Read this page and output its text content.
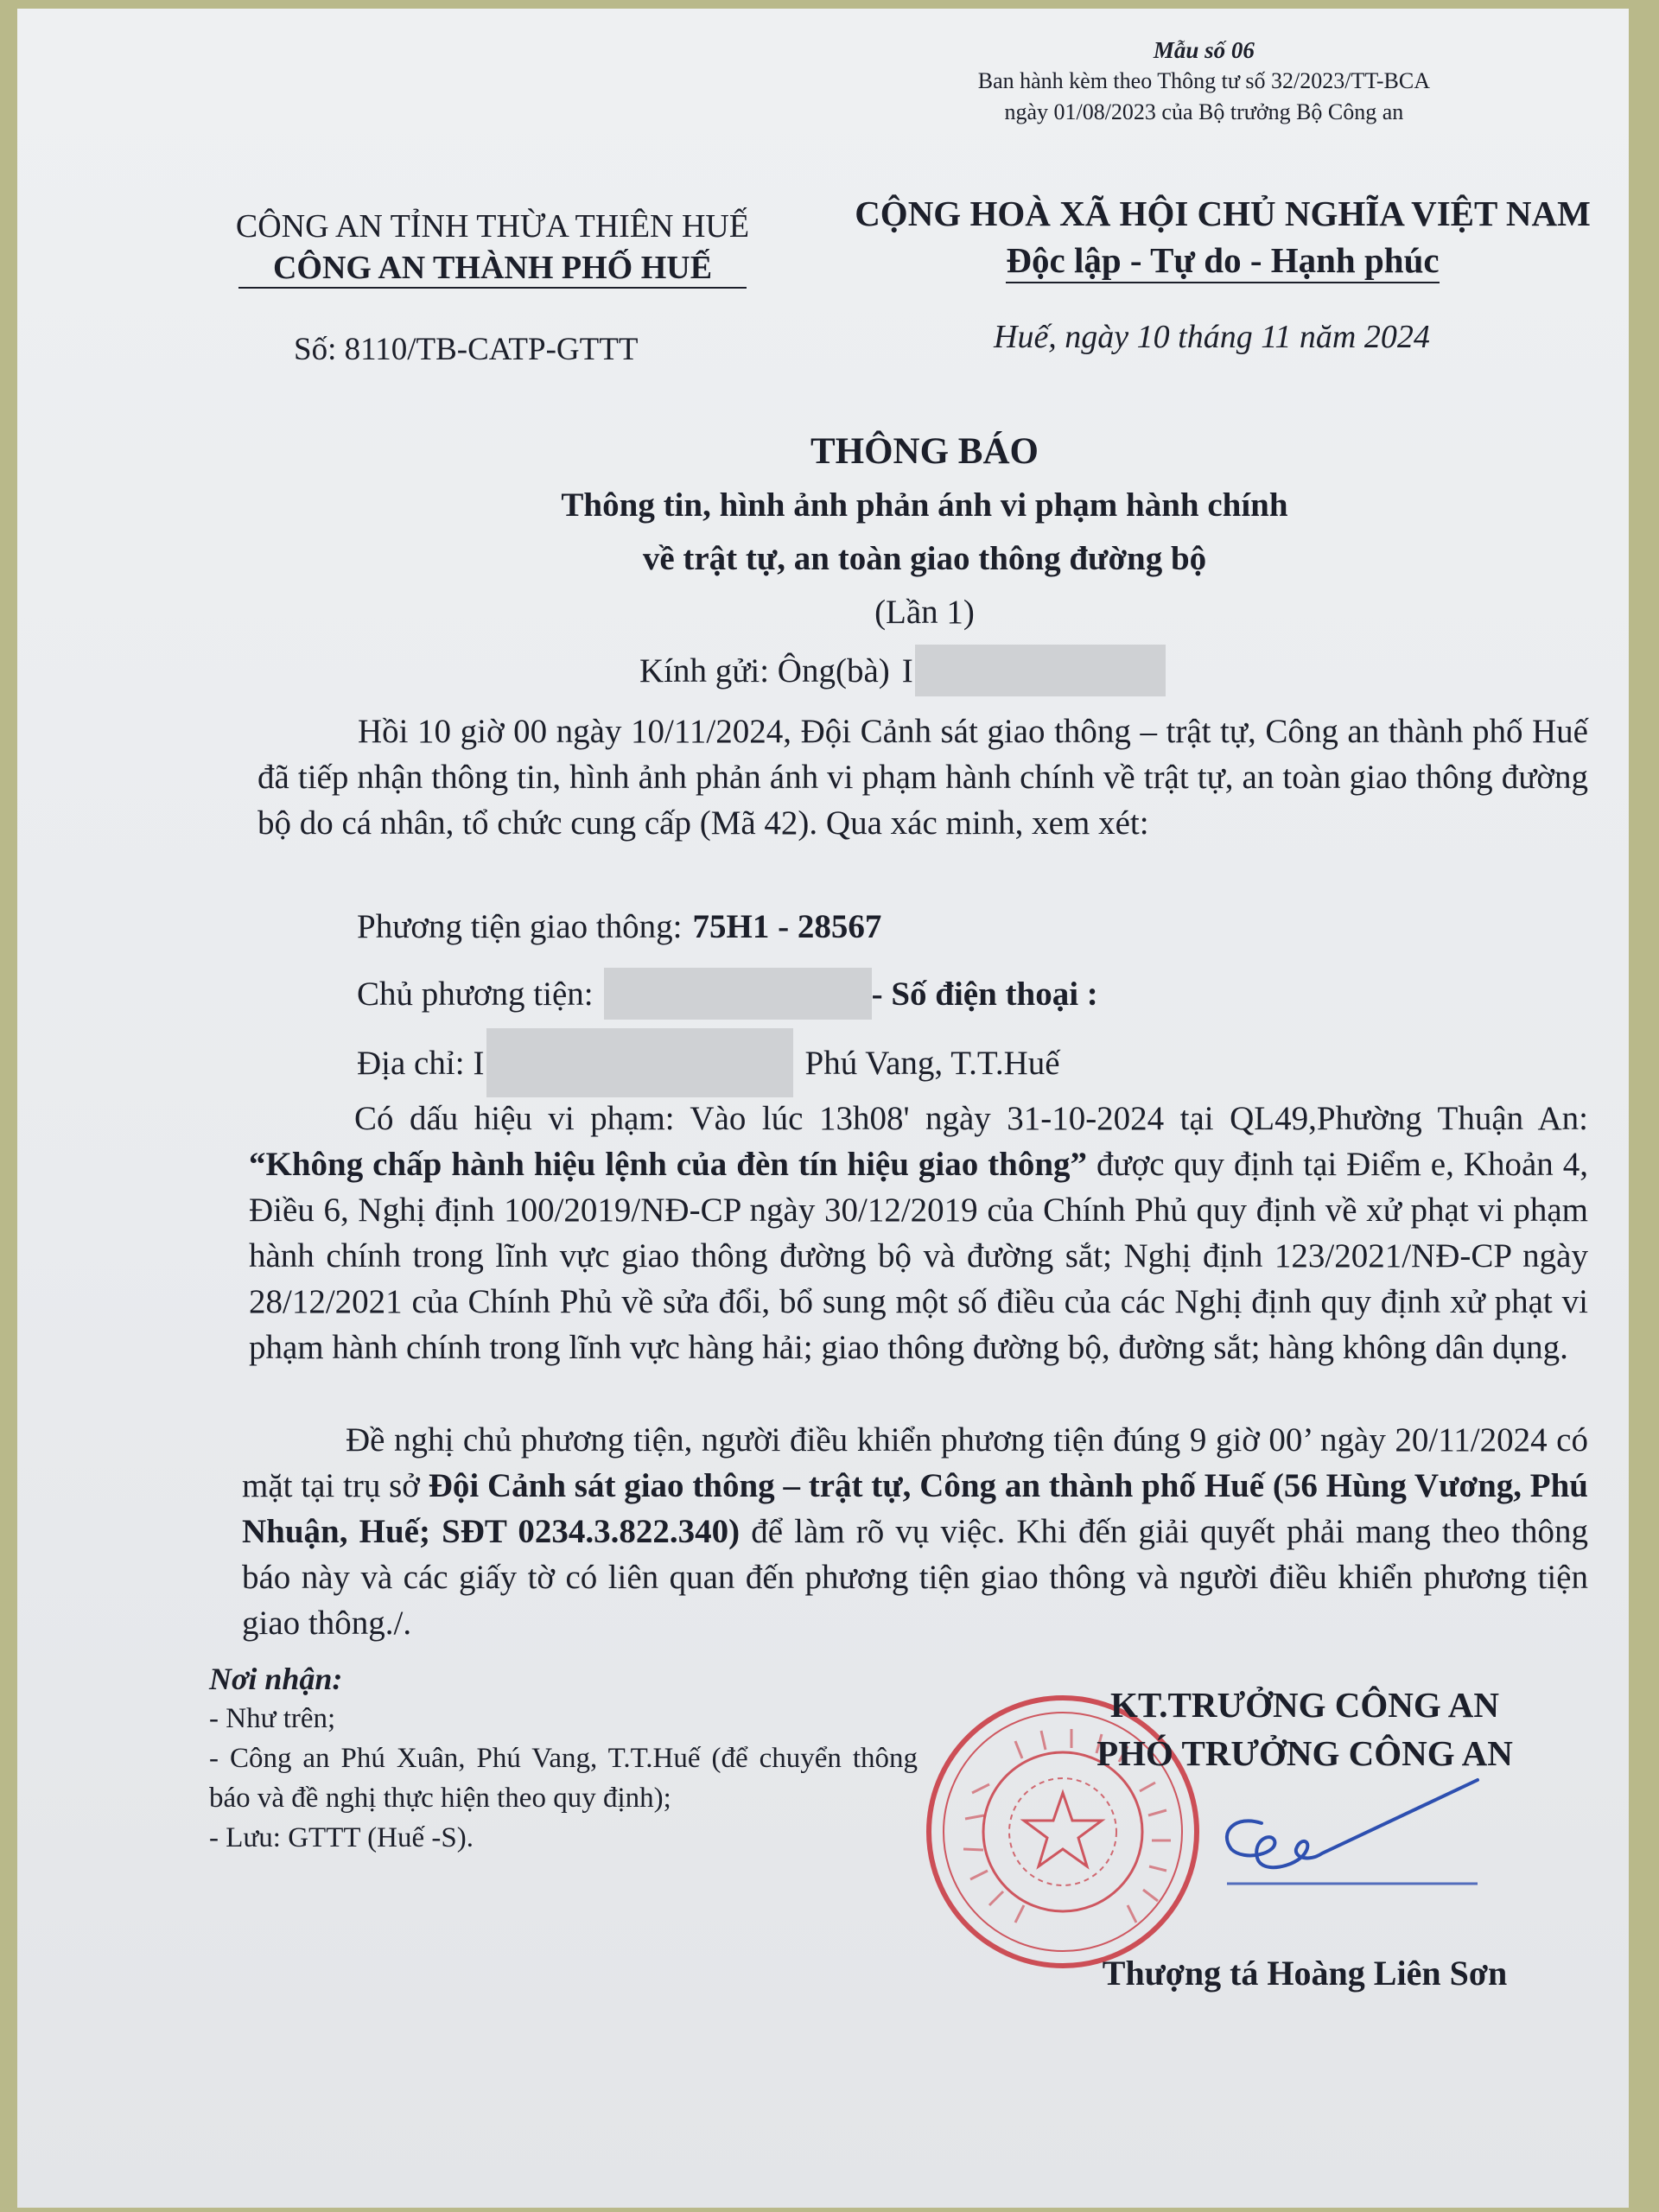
Mẫu số 06
Ban hành kèm theo Thông tư số 32/2023/TT-BCA
ngày 01/08/2023 của Bộ trưởng Bộ Công an
CÔNG AN TỈNH THỪA THIÊN HUẾ
CÔNG AN THÀNH PHỐ HUẾ
CỘNG HOÀ XÃ HỘI CHỦ NGHĨA VIỆT NAM
Độc lập - Tự do - Hạnh phúc
Số: 8110/TB-CATP-GTTT	Huế, ngày 10 tháng 11 năm 2024
THÔNG BÁO
Thông tin, hình ảnh phản ánh vi phạm hành chính
về trật tự, an toàn giao thông đường bộ
(Lần 1)
Kính gửi: Ông(bà) I
Hồi 10 giờ 00 ngày 10/11/2024, Đội Cảnh sát giao thông – trật tự, Công an thành phố Huế đã tiếp nhận thông tin, hình ảnh phản ánh vi phạm hành chính về trật tự, an toàn giao thông đường bộ do cá nhân, tổ chức cung cấp (Mã 42). Qua xác minh, xem xét:
Phương tiện giao thông: 75H1 - 28567
Chủ phương tiện:	- Số điện thoại :
Địa chỉ: I	Phú Vang, T.T.Huế
Có dấu hiệu vi phạm: Vào lúc 13h08' ngày 31-10-2024 tại QL49,Phường Thuận An: “Không chấp hành hiệu lệnh của đèn tín hiệu giao thông” được quy định tại Điểm e, Khoản 4, Điều 6, Nghị định 100/2019/NĐ-CP ngày 30/12/2019 của Chính Phủ quy định về xử phạt vi phạm hành chính trong lĩnh vực giao thông đường bộ và đường sắt; Nghị định 123/2021/NĐ-CP ngày 28/12/2021 của Chính Phủ về sửa đổi, bổ sung một số điều của các Nghị định quy định xử phạt vi phạm hành chính trong lĩnh vực hàng hải; giao thông đường bộ, đường sắt; hàng không dân dụng.
Đề nghị chủ phương tiện, người điều khiển phương tiện đúng 9 giờ 00’ ngày 20/11/2024 có mặt tại trụ sở Đội Cảnh sát giao thông – trật tự, Công an thành phố Huế (56 Hùng Vương, Phú Nhuận, Huế; SĐT 0234.3.822.340) để làm rõ vụ việc. Khi đến giải quyết phải mang theo thông báo này và các giấy tờ có liên quan đến phương tiện giao thông và người điều khiển phương tiện giao thông./.
Nơi nhận:
- Như trên;
- Công an Phú Xuân, Phú Vang, T.T.Huế (để chuyển thông báo và đề nghị thực hiện theo quy định);
- Lưu: GTTT (Huế -S).
KT.TRƯỞNG CÔNG AN
PHÓ TRƯỞNG CÔNG AN
Thượng tá Hoàng Liên Sơn
